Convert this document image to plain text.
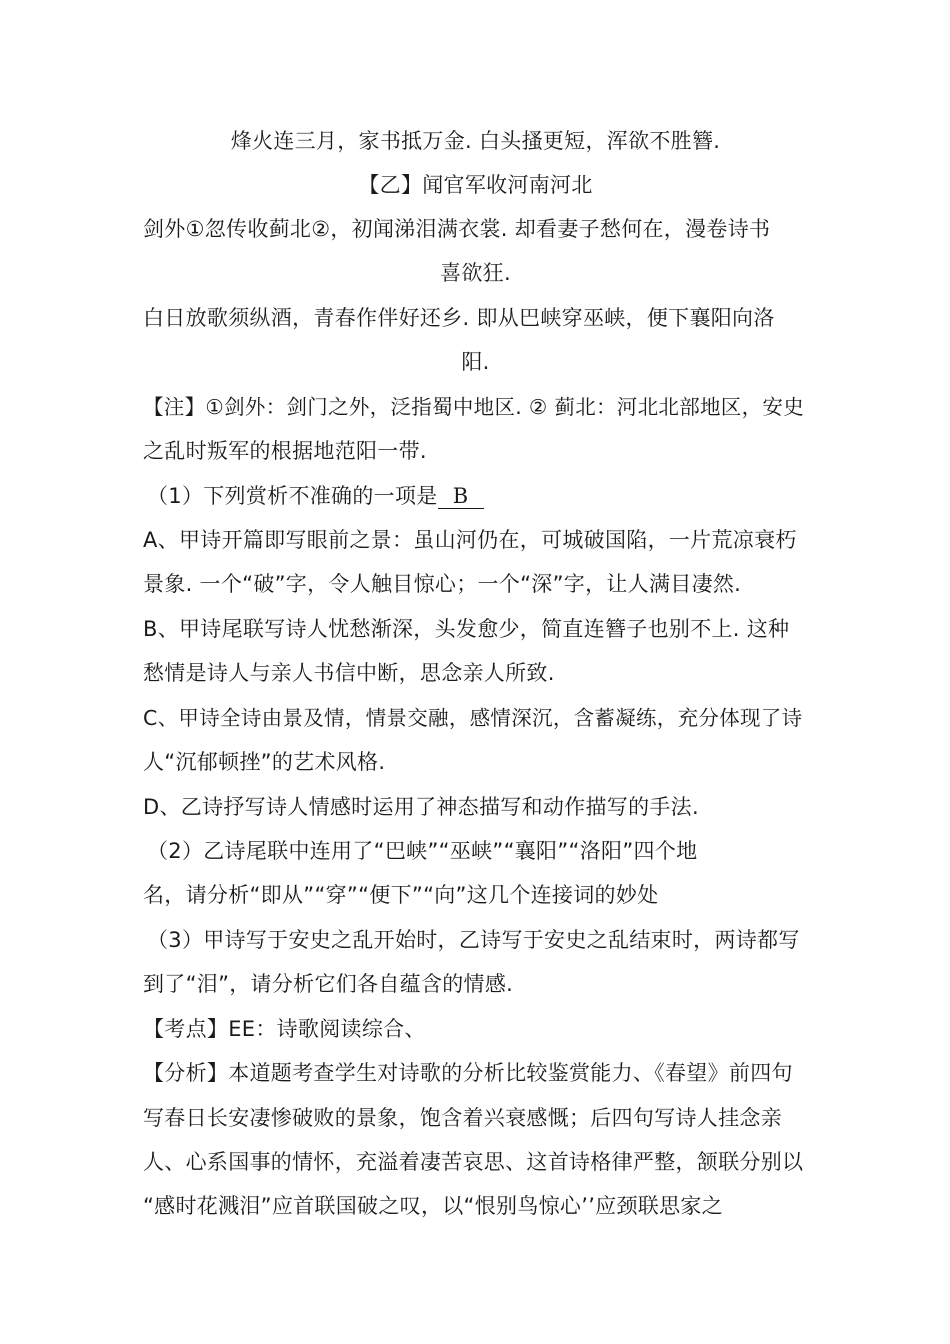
烽火连三月，家书抵万金. 白头搔更短，浑欲不胜簪.
【乙】闻官军收河南河北
剑外①忽传收蓟北②，初闻涕泪满衣裳. 却看妻子愁何在，漫卷诗书
喜欲狂.
白日放歌须纵酒，青春作伴好还乡. 即从巴峡穿巫峡，便下襄阳向洛
阳.
【注】①剑外：剑门之外，泛指蜀中地区. ② 蓟北：河北北部地区，安史
之乱时叛军的根据地范阳一带.
（1）下列赏析不准确的一项是 B
A、甲诗开篇即写眼前之景：虽山河仍在，可城破国陷，一片荒凉衰朽
景象. 一个“破”字，令人触目惊心；一个“深”字，让人满目凄然.
B、甲诗尾联写诗人忧愁渐深，头发愈少，简直连簪子也别不上. 这种
愁情是诗人与亲人书信中断，思念亲人所致.
C、甲诗全诗由景及情，情景交融，感情深沉，含蓄凝练，充分体现了诗
人“沉郁顿挫”的艺术风格.
D、乙诗抒写诗人情感时运用了神态描写和动作描写的手法.
（2）乙诗尾联中连用了“巴峡”“巫峡”“襄阳”“洛阳”四个地
名，请分析“即从”“穿”“便下”“向”这几个连接词的妙处
（3）甲诗写于安史之乱开始时，乙诗写于安史之乱结束时，两诗都写
到了“泪”，请分析它们各自蕴含的情感.
【考点】EE：诗歌阅读综合、
【分析】本道题考查学生对诗歌的分析比较鉴赏能力、《春望》前四句
写春日长安凄惨破败的景象，饱含着兴衰感慨；后四句写诗人挂念亲
人、心系国事的情怀，充溢着凄苦哀思、这首诗格律严整，颔联分别以
“感时花溅泪”应首联国破之叹，以“恨别鸟惊心’’应颈联思家之
